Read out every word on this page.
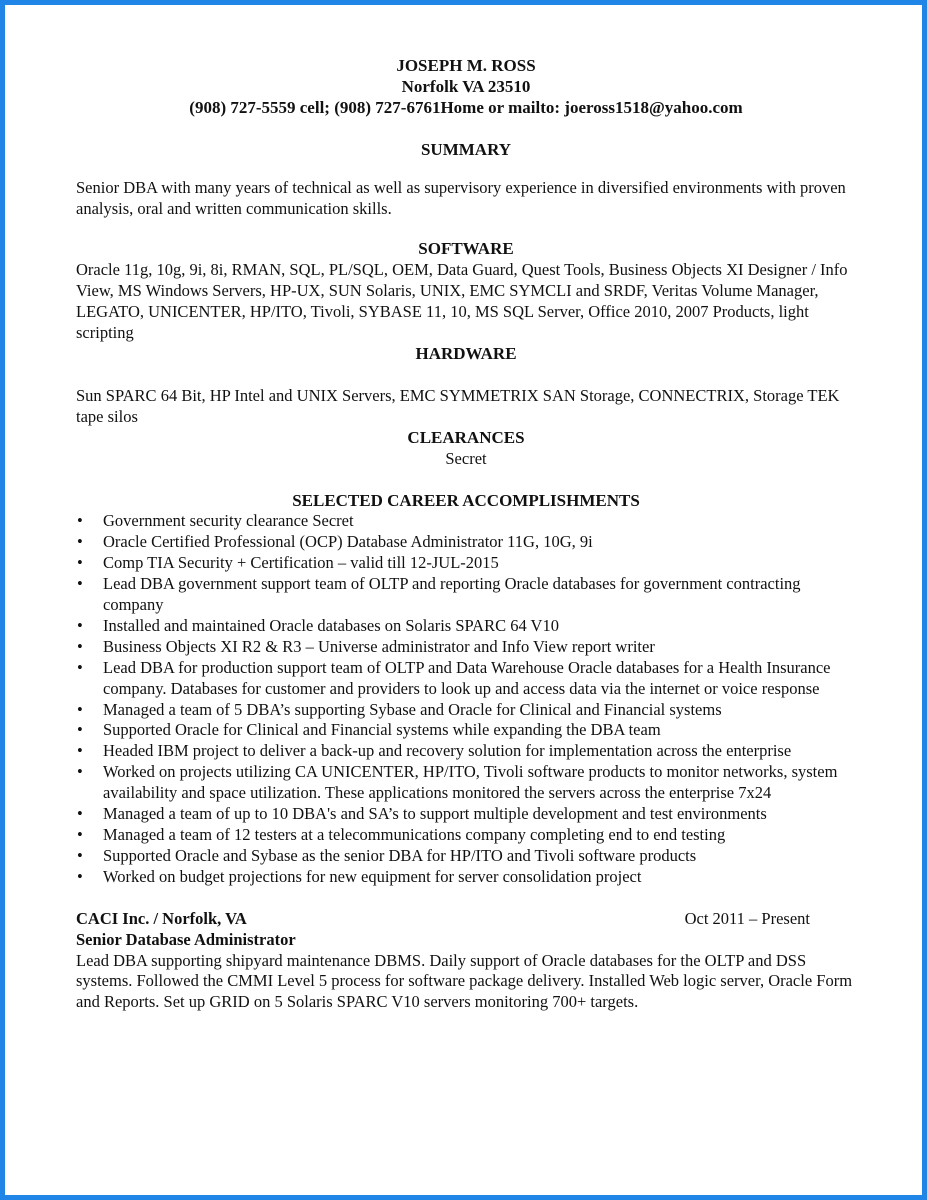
JOSEPH M. ROSS

Norfolk VA 23510

(908) 727-5559 cell; (908) 727-6761Home or mailto: joeross1518@yahoo.com

SUMMARY

Senior DBA with many years of technical as well as supervisory experience in diversified environments with proven analysis, oral and written communication skills.

SOFTWARE

Oracle 11g, 10g, 9i, 8i, RMAN, SQL, PL/SQL, OEM, Data Guard, Quest Tools, Business Objects XI Designer / Info View, MS Windows Servers, HP-UX, SUN Solaris, UNIX, EMC SYMCLI and SRDF, Veritas Volume Manager, LEGATO, UNICENTER, HP/ITO, Tivoli, SYBASE 11, 10, MS SQL Server, Office 2010, 2007 Products, light scripting

HARDWARE

Sun SPARC 64 Bit, HP Intel and UNIX Servers, EMC SYMMETRIX SAN Storage, CONNECTRIX, Storage TEK tape silos

CLEARANCES

Secret

SELECTED CAREER ACCOMPLISHMENTS

•	Government security clearance Secret
•	Oracle Certified Professional (OCP) Database Administrator 11G, 10G, 9i
•	Comp TIA Security + Certification – valid till 12-JUL-2015
•	Lead DBA government support team of OLTP and reporting Oracle databases for government contracting company
•	Installed and maintained Oracle databases on Solaris SPARC 64 V10
•	Business Objects XI R2 & R3 – Universe administrator and Info View report writer
•	Lead DBA for production support team of OLTP and Data Warehouse Oracle databases for a Health Insurance company. Databases for customer and providers to look up and access data via the internet or voice response
•	Managed a team of 5 DBA’s supporting Sybase and Oracle for Clinical and Financial systems
•	Supported Oracle for Clinical and Financial systems while expanding the DBA team
•	Headed IBM project to deliver a back-up and recovery solution for implementation across the enterprise
•	Worked on projects utilizing CA UNICENTER, HP/ITO, Tivoli software products to monitor networks, system availability and space utilization. These applications monitored the servers across the enterprise 7x24
•	Managed a team of up to 10 DBA's and SA’s to support multiple development and test environments
•	Managed a team of 12 testers at a telecommunications company completing end to end testing
•	Supported Oracle and Sybase as the senior DBA for HP/ITO and Tivoli software products
•	Worked on budget projections for new equipment for server consolidation project
CACI Inc. / Norfolk, VA	Oct 2011 – Present

Senior Database Administrator

Lead DBA supporting shipyard maintenance DBMS. Daily support of Oracle databases for the OLTP and DSS systems. Followed the CMMI Level 5 process for software package delivery. Installed Web logic server, Oracle Form and Reports. Set up GRID on 5 Solaris SPARC V10 servers monitoring 700+ targets.
